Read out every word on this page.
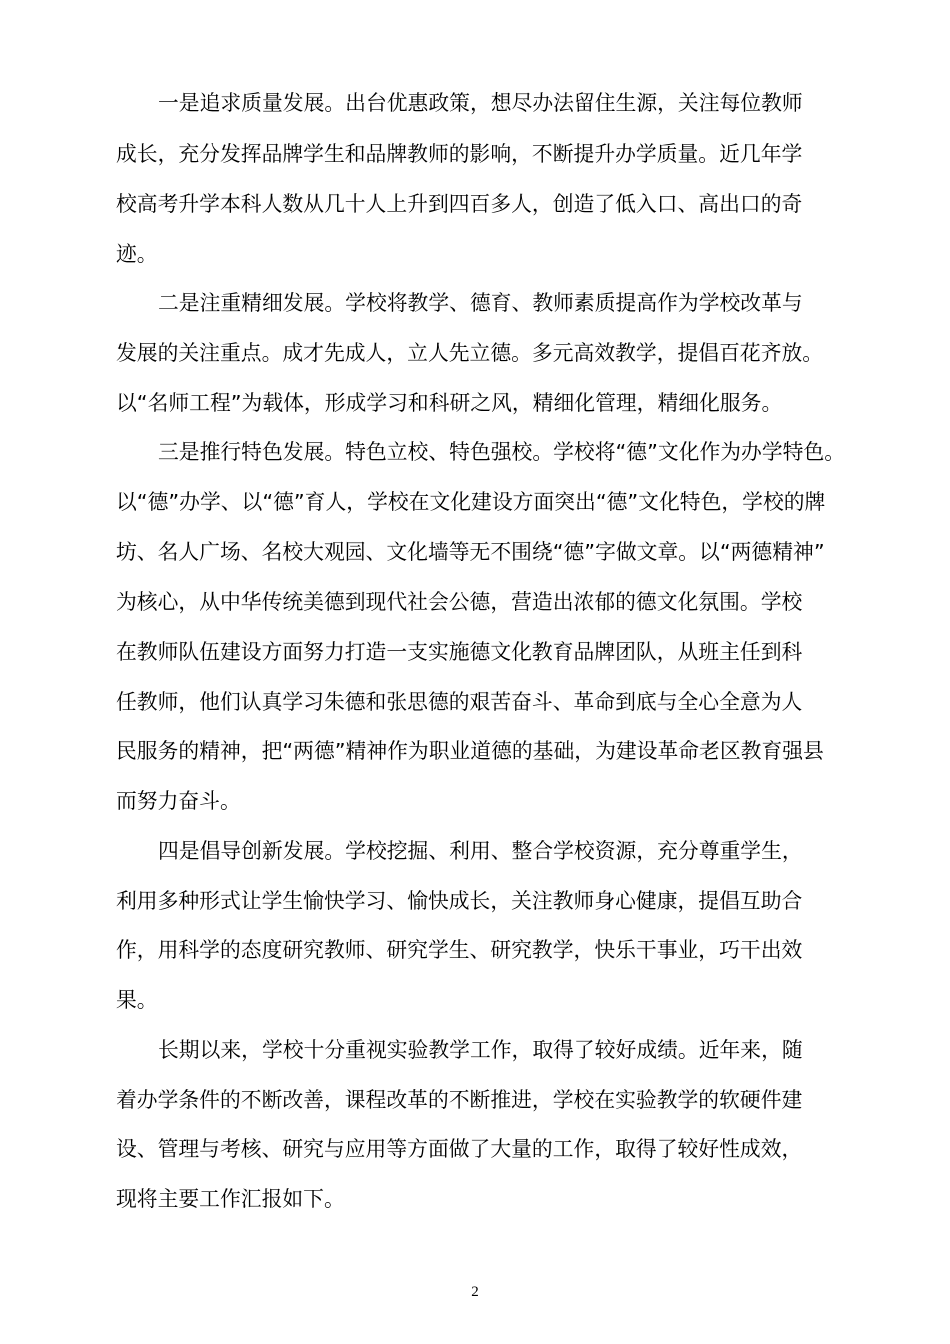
一是追求质量发展。出台优惠政策，想尽办法留住生源，关注每位教师
成长，充分发挥品牌学生和品牌教师的影响，不断提升办学质量。近几年学
校高考升学本科人数从几十人上升到四百多人，创造了低入口、高出口的奇
迹。
二是注重精细发展。学校将教学、德育、教师素质提高作为学校改革与
发展的关注重点。成才先成人，立人先立德。多元高效教学，提倡百花齐放。
以“名师工程”为载体，形成学习和科研之风，精细化管理，精细化服务。
三是推行特色发展。特色立校、特色强校。学校将“德”文化作为办学特色。
以“德”办学、以“德”育人，学校在文化建设方面突出“德”文化特色，学校的牌
坊、名人广场、名校大观园、文化墙等无不围绕“德”字做文章。以“两德精神”
为核心，从中华传统美德到现代社会公德，营造出浓郁的德文化氛围。学校
在教师队伍建设方面努力打造一支实施德文化教育品牌团队，从班主任到科
任教师，他们认真学习朱德和张思德的艰苦奋斗、革命到底与全心全意为人
民服务的精神，把“两德”精神作为职业道德的基础，为建设革命老区教育强县
而努力奋斗。
四是倡导创新发展。学校挖掘、利用、整合学校资源，充分尊重学生，
利用多种形式让学生愉快学习、愉快成长，关注教师身心健康，提倡互助合
作，用科学的态度研究教师、研究学生、研究教学，快乐干事业，巧干出效
果。
长期以来，学校十分重视实验教学工作，取得了较好成绩。近年来，随
着办学条件的不断改善，课程改革的不断推进，学校在实验教学的软硬件建
设、管理与考核、研究与应用等方面做了大量的工作，取得了较好性成效，
现将主要工作汇报如下。
2
